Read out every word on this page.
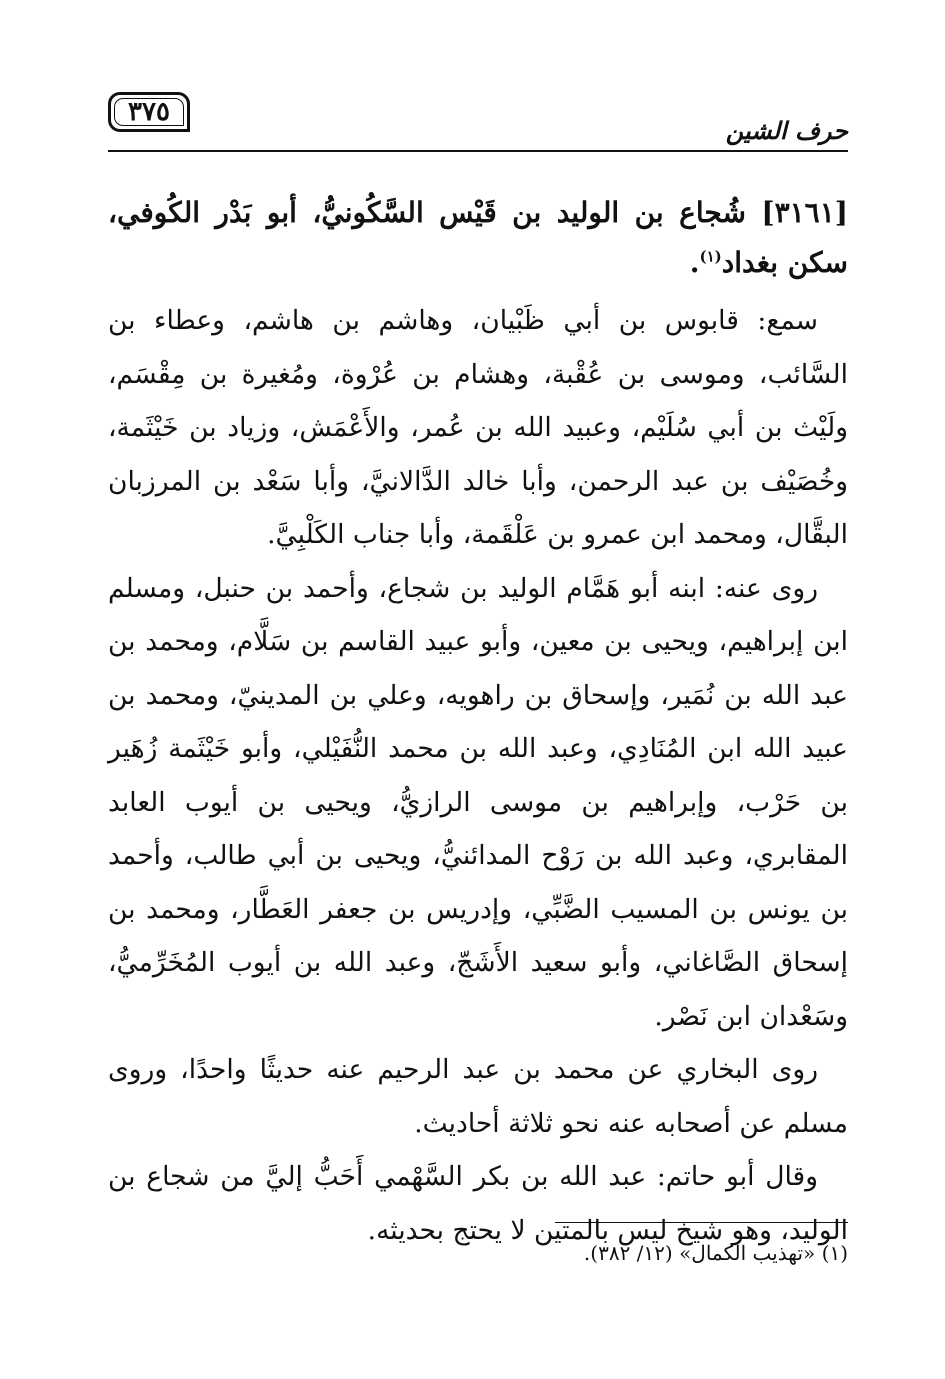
٣٧٥
حرف الشين

[٣١٦١] شُجاع بن الوليد بن قَيْس السَّكُونيُّ، أبو بَدْر الكُوفي، سكن بغداد$^{(١)}$.

سمع: قابوس بن أبي ظَبْيان، وهاشم بن هاشم، وعطاء بن السَّائب، وموسى بن عُقْبة، وهشام بن عُرْوة، ومُغيرة بن مِقْسَم، ولَيْث بن أبي سُلَيْم، وعبيد الله بن عُمر، والأَعْمَش، وزياد بن خَيْثَمة، وخُصَيْف بن عبد الرحمن، وأبا خالد الدَّالانيَّ، وأبا سَعْد بن المرزبان البقَّال، ومحمد ابن عمرو بن عَلْقَمة، وأبا جناب الكَلْبِيَّ.

روى عنه: ابنه أبو هَمَّام الوليد بن شجاع، وأحمد بن حنبل، ومسلم ابن إبراهيم، ويحيى بن معين، وأبو عبيد القاسم بن سَلَّام، ومحمد بن عبد الله بن نُمَير، وإسحاق بن راهويه، وعلي بن المدينيّ، ومحمد بن عبيد الله ابن المُنَادِي، وعبد الله بن محمد النُّفَيْلي، وأبو خَيْثَمة زُهَير بن حَرْب، وإبراهيم بن موسى الرازيُّ، ويحيى بن أيوب العابد المقابري، وعبد الله بن رَوْح المدائنيُّ، ويحيى بن أبي طالب، وأحمد بن يونس بن المسيب الضَّبِّي، وإدريس بن جعفر العَطَّار، ومحمد بن إسحاق الصَّاغاني، وأبو سعيد الأَشَجّ، وعبد الله بن أيوب المُخَرِّميُّ، وسَعْدان ابن نَصْر.

روى البخاري عن محمد بن عبد الرحيم عنه حديثًا واحدًا، وروى مسلم عن أصحابه عنه نحو ثلاثة أحاديث.

وقال أبو حاتم: عبد الله بن بكر السَّهْمي أَحَبُّ إليَّ من شجاع بن الوليد، وهو شيخ ليس بالمتين لا يحتج بحديثه.

(١) «تهذيب الكمال» (١٢/ ٣٨٢).
